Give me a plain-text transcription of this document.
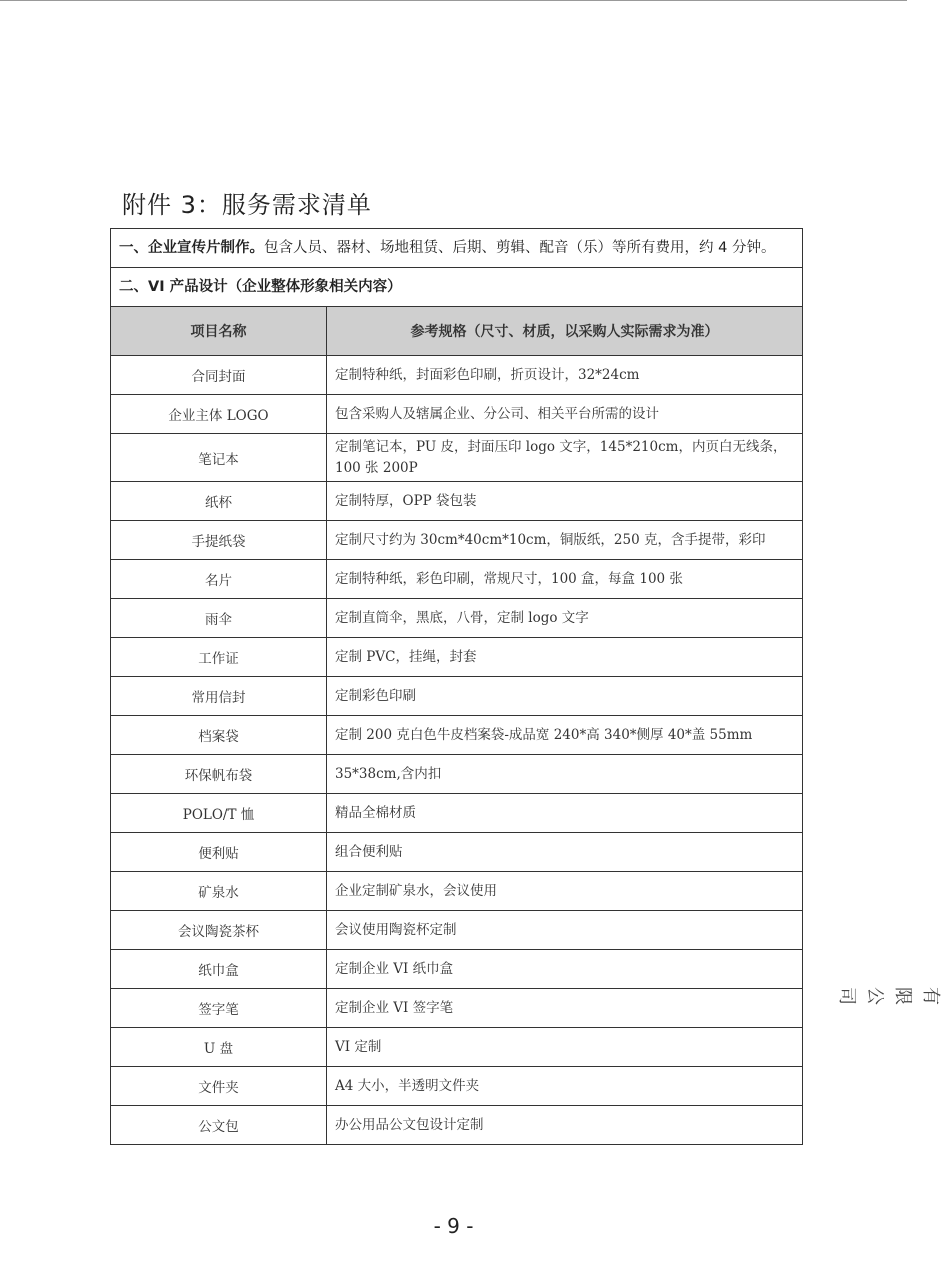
附件 3：服务需求清单
一、企业宣传片制作。包含人员、器材、场地租赁、后期、剪辑、配音（乐）等所有费用，约 4 分钟。
二、VI 产品设计（企业整体形象相关内容）
项目名称	参考规格（尺寸、材质，以采购人实际需求为准）
合同封面	定制特种纸，封面彩色印刷，折页设计，32*24cm
企业主体 LOGO	包含采购人及辖属企业、分公司、相关平台所需的设计
笔记本	定制笔记本，PU 皮，封面压印 logo 文字，145*210cm，内页白无线条，100 张 200P
纸杯	定制特厚，OPP 袋包装
手提纸袋	定制尺寸约为 30cm*40cm*10cm，铜版纸，250 克，含手提带，彩印
名片	定制特种纸，彩色印刷，常规尺寸，100 盒，每盒 100 张
雨伞	定制直筒伞，黑底，八骨，定制 logo 文字
工作证	定制 PVC，挂绳，封套
常用信封	定制彩色印刷
档案袋	定制 200 克白色牛皮档案袋-成品宽 240*高 340*侧厚 40*盖 55mm
环保帆布袋	35*38cm,含内扣
POLO/T 恤	精品全棉材质
便利贴	组合便利贴
矿泉水	企业定制矿泉水，会议使用
会议陶瓷茶杯	会议使用陶瓷杯定制
纸巾盒	定制企业 VI 纸巾盒
签字笔	定制企业 VI 签字笔
U 盘	VI 定制
文件夹	A4 大小，半透明文件夹
公文包	办公用品公文包设计定制
有限公司
- 9 -
